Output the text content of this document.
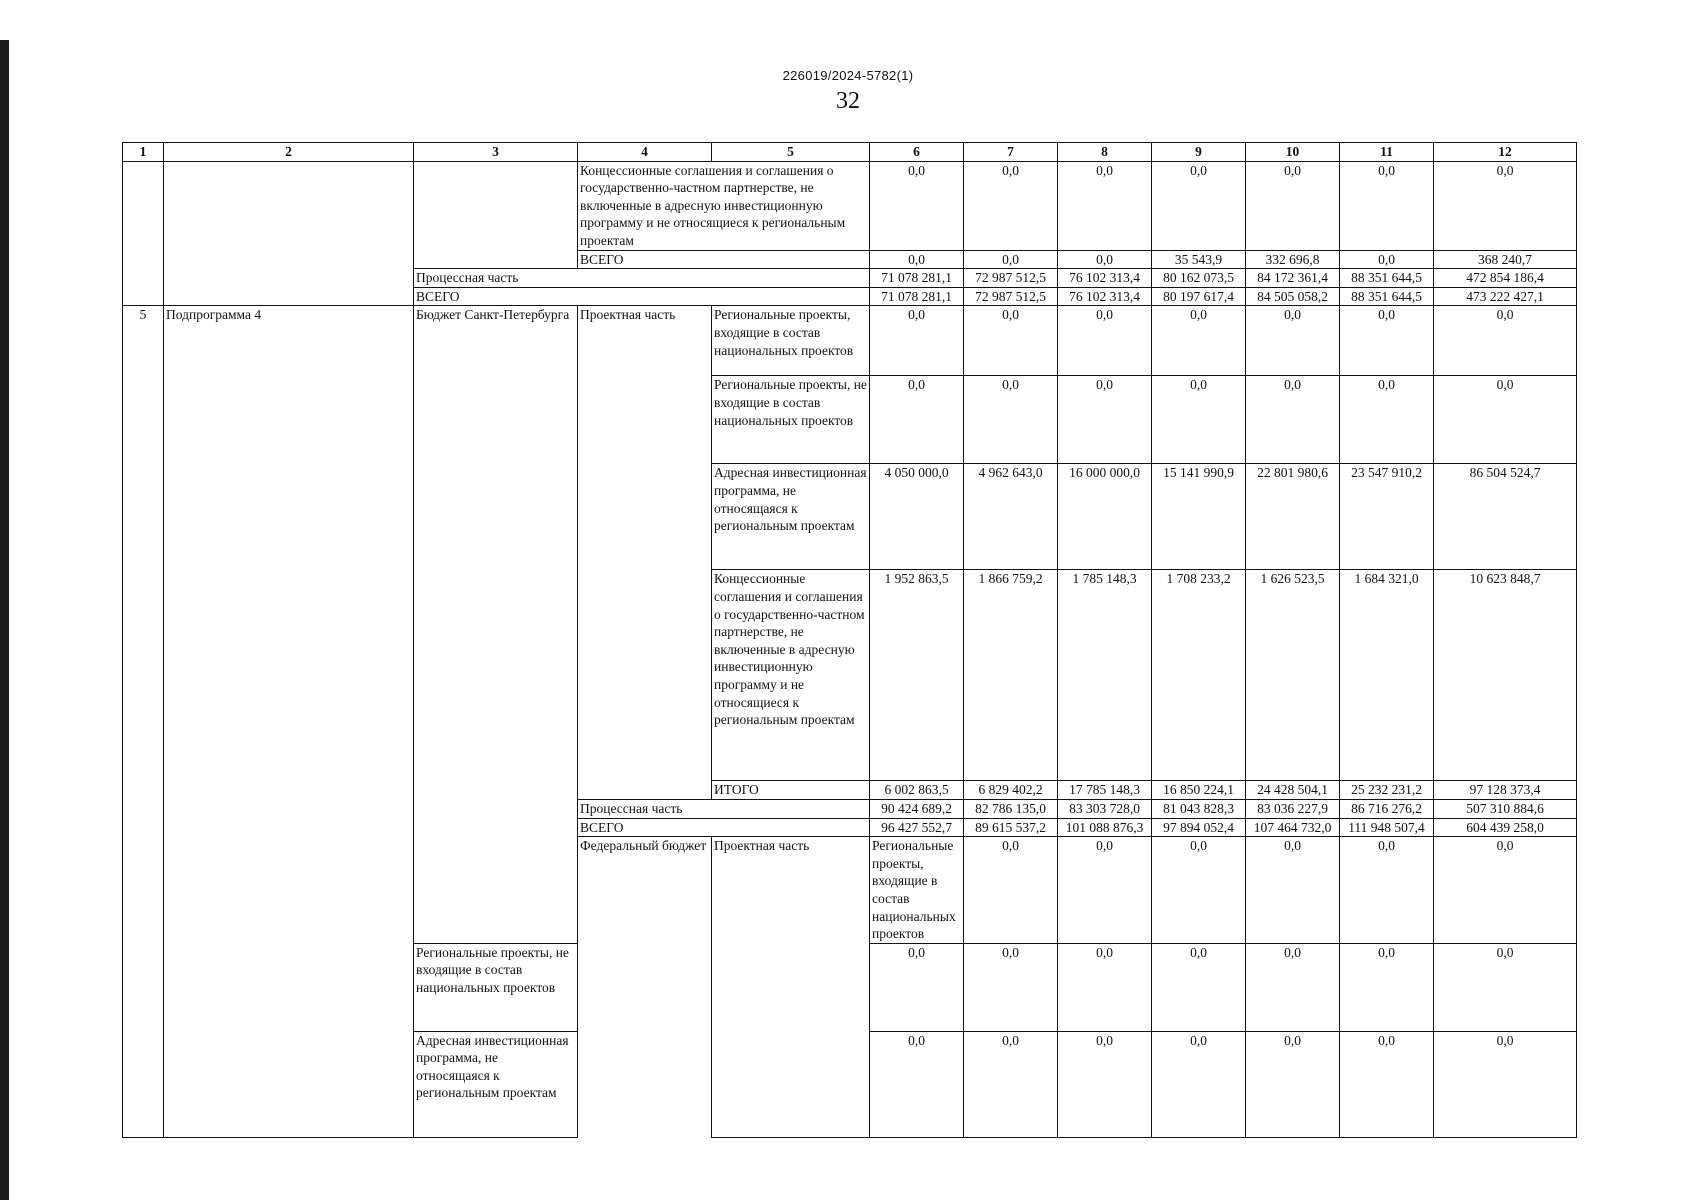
226019/2024-5782(1)
32
1	2	3	4	5	6	7	8	9	10	11	12	
			Концессионные соглашения и соглашения о государственно-частном партнерстве, не включенные в адресную инвестиционную программу и не относящиеся к региональным проектам		0,0	0,0	0,0	0,0	0,0	0,0	0,0	
			ВСЕГО		0,0	0,0	0,0	35 543,9	332 696,8	0,0	368 240,7	
		Процессная часть			71 078 281,1	72 987 512,5	76 102 313,4	80 162 073,5	84 172 361,4	88 351 644,5	472 854 186,4	
		ВСЕГО			71 078 281,1	72 987 512,5	76 102 313,4	80 197 617,4	84 505 058,2	88 351 644,5	473 222 427,1	
5	Подпрограмма 4	Бюджет Санкт-Петербурга	Проектная часть	Региональные проекты, входящие в состав национальных проектов	0,0	0,0	0,0	0,0	0,0	0,0	0,0	
				Региональные проекты, не входящие в состав национальных проектов	0,0	0,0	0,0	0,0	0,0	0,0	0,0	
				Адресная инвестиционная программа, не относящаяся к региональным проектам	4 050 000,0	4 962 643,0	16 000 000,0	15 141 990,9	22 801 980,6	23 547 910,2	86 504 524,7	
				Концессионные соглашения и соглашения о государственно-частном партнерстве, не включенные в адресную инвестиционную программу и не относящиеся к региональным проектам	1 952 863,5	1 866 759,2	1 785 148,3	1 708 233,2	1 626 523,5	1 684 321,0	10 623 848,7	
				ИТОГО	6 002 863,5	6 829 402,2	17 785 148,3	16 850 224,1	24 428 504,1	25 232 231,2	97 128 373,4	
			Процессная часть		90 424 689,2	82 786 135,0	83 303 728,0	81 043 828,3	83 036 227,9	86 716 276,2	507 310 884,6	
			ВСЕГО		96 427 552,7	89 615 537,2	101 088 876,3	97 894 052,4	107 464 732,0	111 948 507,4	604 439 258,0	
			Федеральный бюджет	Проектная часть	Региональные проекты, входящие в состав национальных проектов	0,0	0,0	0,0	0,0	0,0	0,0	
		Региональные проекты, не входящие в состав национальных проектов			0,0	0,0	0,0	0,0	0,0	0,0	0,0	
		Адресная инвестиционная программа, не относящаяся к региональным проектам			0,0	0,0	0,0	0,0	0,0	0,0	0,0	
